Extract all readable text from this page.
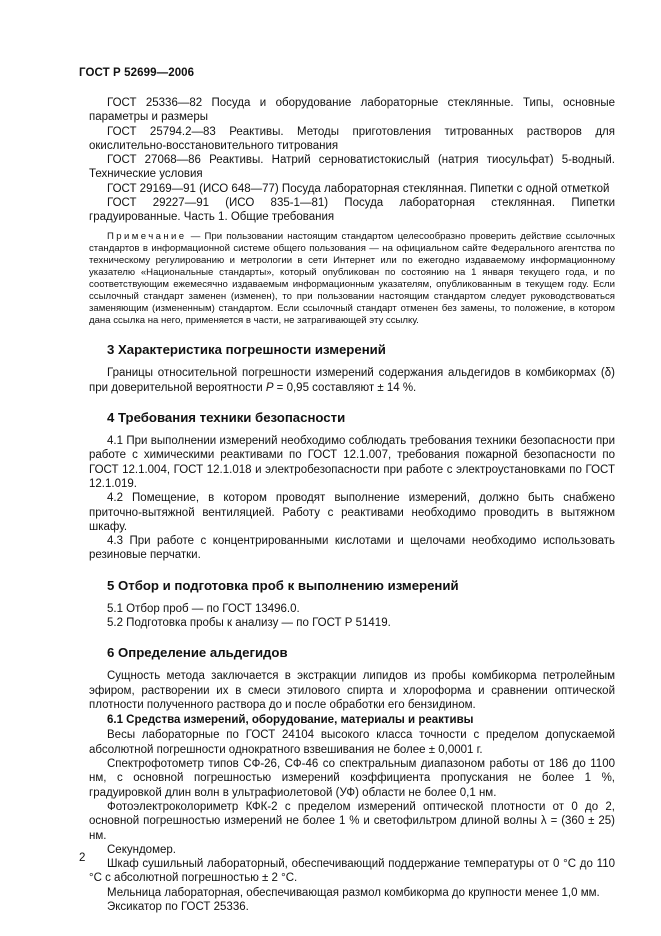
ГОСТ Р 52699—2006

ГОСТ 25336—82 Посуда и оборудование лабораторные стеклянные. Типы, основные параметры и размеры

ГОСТ 25794.2—83 Реактивы. Методы приготовления титрованных растворов для окислительно-восстановительного титрования

ГОСТ 27068—86 Реактивы. Натрий серноватистокислый (натрия тиосульфат) 5-водный. Технические условия

ГОСТ 29169—91 (ИСО 648—77) Посуда лабораторная стеклянная. Пипетки с одной отметкой

ГОСТ 29227—91 (ИСО 835-1—81) Посуда лабораторная стеклянная. Пипетки градуированные. Часть 1. Общие требования

Примечание — При пользовании настоящим стандартом целесообразно проверить действие ссылочных стандартов в информационной системе общего пользования — на официальном сайте Федерального агентства по техническому регулированию и метрологии в сети Интернет или по ежегодно издаваемому информационному указателю «Национальные стандарты», который опубликован по состоянию на 1 января текущего года, и по соответствующим ежемесячно издаваемым информационным указателям, опубликованным в текущем году. Если ссылочный стандарт заменен (изменен), то при пользовании настоящим стандартом следует руководствоваться заменяющим (измененным) стандартом. Если ссылочный стандарт отменен без замены, то положение, в котором дана ссылка на него, применяется в части, не затрагивающей эту ссылку.

3 Характеристика погрешности измерений

Границы относительной погрешности измерений содержания альдегидов в комбикормах (δ) при доверительной вероятности P = 0,95 составляют ± 14 %.

4 Требования техники безопасности

4.1 При выполнении измерений необходимо соблюдать требования техники безопасности при работе с химическими реактивами по ГОСТ 12.1.007, требования пожарной безопасности по ГОСТ 12.1.004, ГОСТ 12.1.018 и электробезопасности при работе с электроустановками по ГОСТ 12.1.019.

4.2 Помещение, в котором проводят выполнение измерений, должно быть снабжено приточно-вытяжной вентиляцией. Работу с реактивами необходимо проводить в вытяжном шкафу.

4.3 При работе с концентрированными кислотами и щелочами необходимо использовать резиновые перчатки.

5 Отбор и подготовка проб к выполнению измерений

5.1 Отбор проб — по ГОСТ 13496.0.

5.2 Подготовка пробы к анализу — по ГОСТ Р 51419.

6 Определение альдегидов

Сущность метода заключается в экстракции липидов из пробы комбикорма петролейным эфиром, растворении их в смеси этилового спирта и хлороформа и сравнении оптической плотности полученного раствора до и после обработки его бензидином.

6.1 Средства измерений, оборудование, материалы и реактивы

Весы лабораторные по ГОСТ 24104 высокого класса точности с пределом допускаемой абсолютной погрешности однократного взвешивания не более ± 0,0001 г.

Спектрофотометр типов СФ-26, СФ-46 со спектральным диапазоном работы от 186 до 1100 нм, с основной погрешностью измерений коэффициента пропускания не более 1 %, градуировкой длин волн в ультрафиолетовой (УФ) области не более 0,1 нм.

Фотоэлектроколориметр КФК-2 с пределом измерений оптической плотности от 0 до 2, основной погрешностью измерений не более 1 % и светофильтром длиной волны λ = (360 ± 25) нм.

Секундомер.

Шкаф сушильный лабораторный, обеспечивающий поддержание температуры от 0 °С до 110 °С с абсолютной погрешностью ± 2 °С.

Мельница лабораторная, обеспечивающая размол комбикорма до крупности менее 1,0 мм.

Эксикатор по ГОСТ 25336.

2
